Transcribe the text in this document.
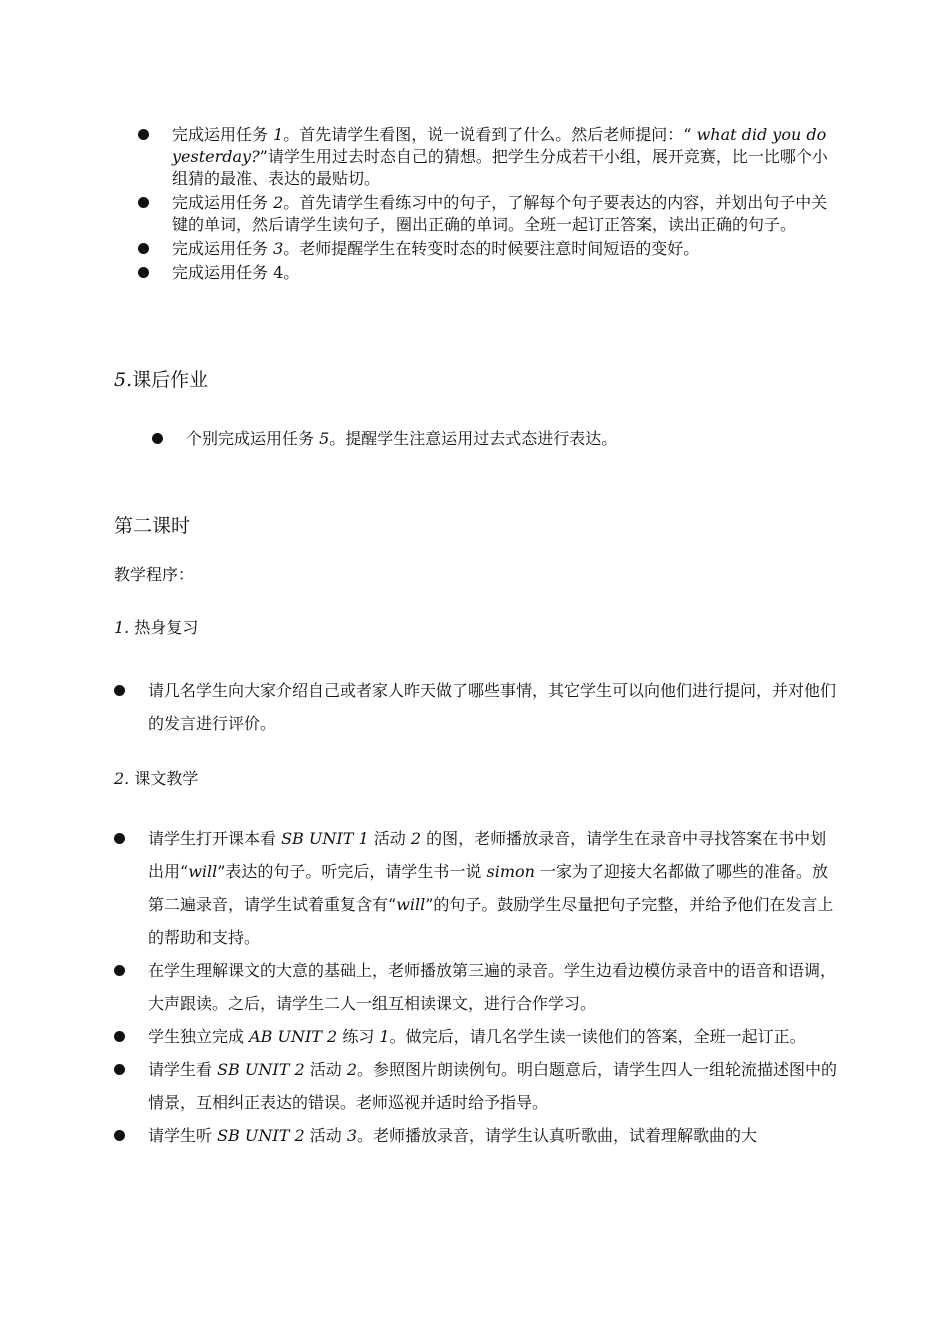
完成运用任务 1。首先请学生看图，说一说看到了什么。然后老师提问：“ what did you do yesterday?”请学生用过去时态自己的猜想。把学生分成若干小组，展开竞赛，比一比哪个小组猜的最准、表达的最贴切。
完成运用任务 2。首先请学生看练习中的句子，了解每个句子要表达的内容，并划出句子中关键的单词，然后请学生读句子，圈出正确的单词。全班一起订正答案，读出正确的句子。
完成运用任务 3。老师提醒学生在转变时态的时候要注意时间短语的变好。
完成运用任务 4。
5.课后作业
个别完成运用任务 5。提醒学生注意运用过去式态进行表达。
第二课时
教学程序：
1. 热身复习
请几名学生向大家介绍自己或者家人昨天做了哪些事情，其它学生可以向他们进行提问，并对他们的发言进行评价。
2. 课文教学
请学生打开课本看 SB UNIT 1 活动 2 的图，老师播放录音，请学生在录音中寻找答案在书中划出用“will”表达的句子。听完后，请学生书一说 simon 一家为了迎接大名都做了哪些的准备。放第二遍录音，请学生试着重复含有“will”的句子。鼓励学生尽量把句子完整，并给予他们在发言上的帮助和支持。
在学生理解课文的大意的基础上，老师播放第三遍的录音。学生边看边模仿录音中的语音和语调，大声跟读。之后，请学生二人一组互相读课文，进行合作学习。
学生独立完成 AB UNIT 2 练习 1。做完后，请几名学生读一读他们的答案，全班一起订正。
请学生看 SB UNIT 2 活动 2。参照图片朗读例句。明白题意后，请学生四人一组轮流描述图中的情景，互相纠正表达的错误。老师巡视并适时给予指导。
请学生听 SB UNIT 2 活动 3。老师播放录音，请学生认真听歌曲，试着理解歌曲的大
